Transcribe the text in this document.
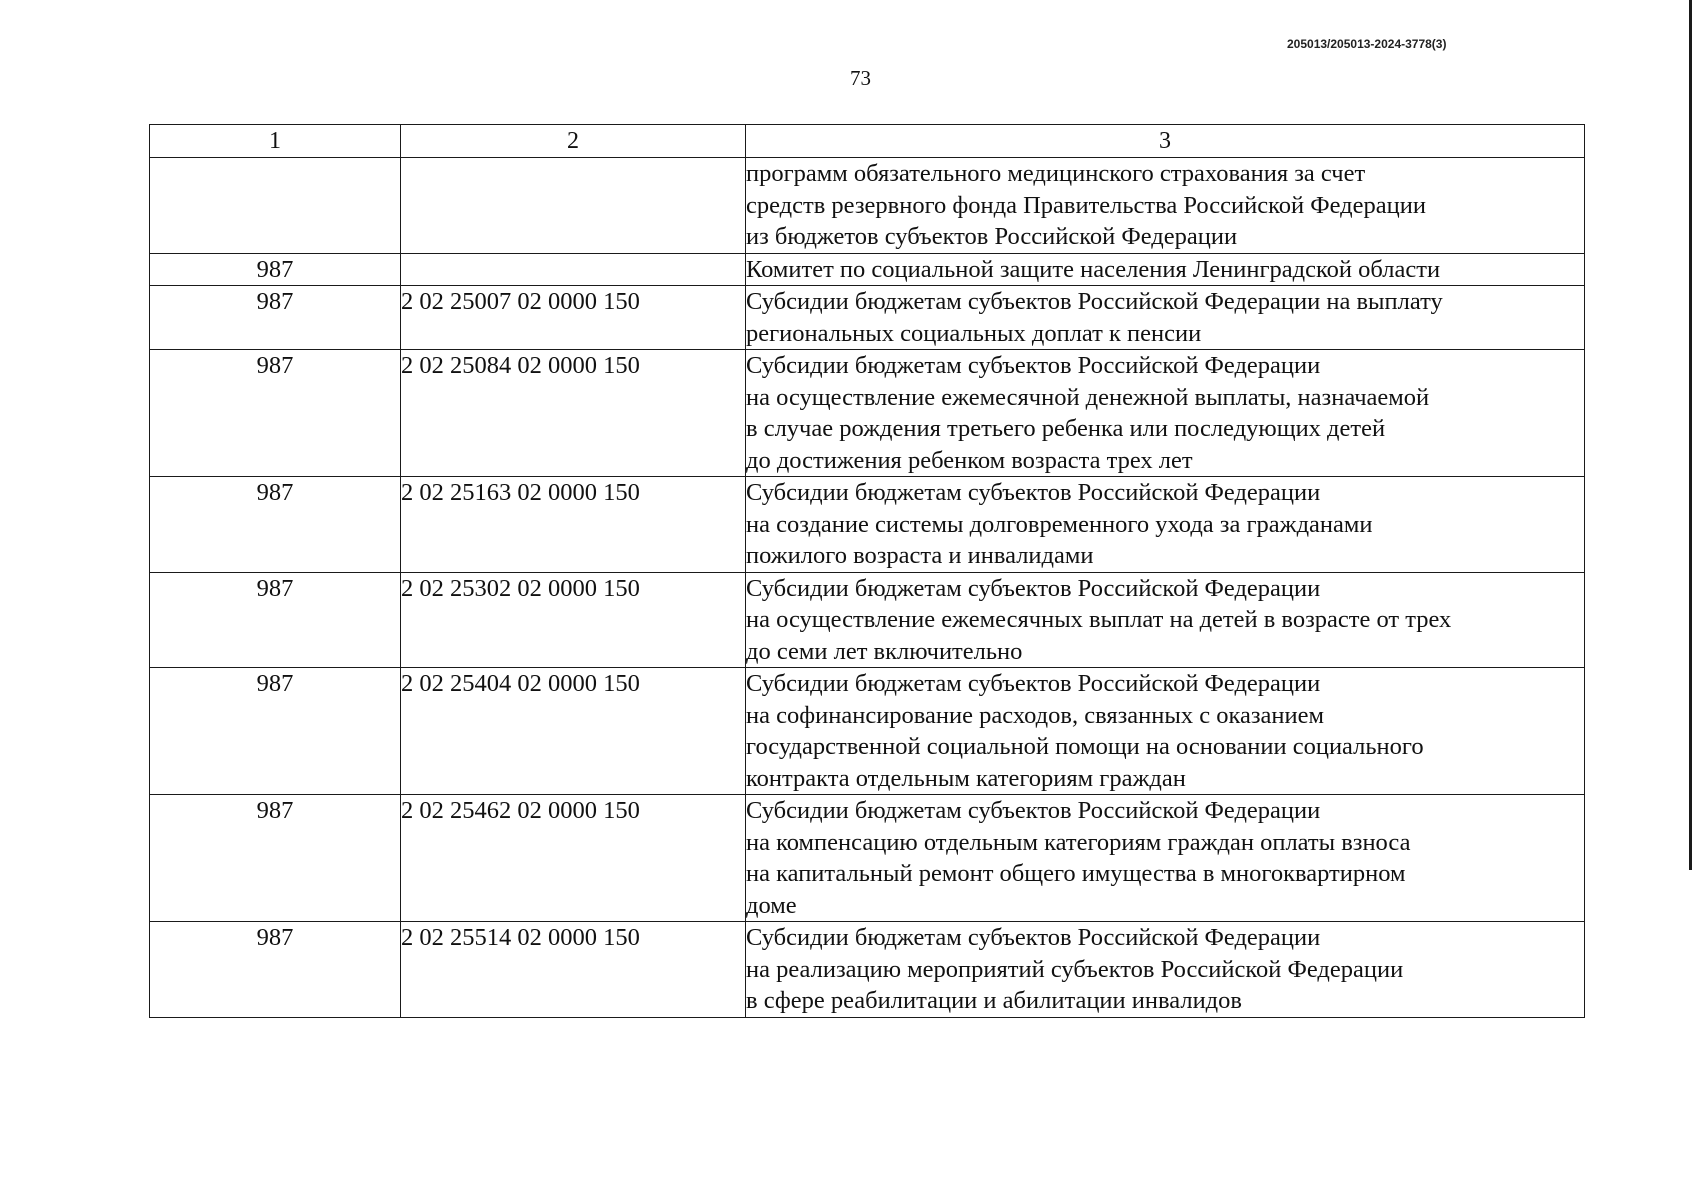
205013/205013-2024-3778(3)
73
1	2	3

		программ обязательного медицинского страхования за счет
средств резервного фонда Правительства Российской Федерации
из бюджетов субъектов Российской Федерации

987		Комитет по социальной защите населения Ленинградской области

987	2 02 25007 02 0000 150	Субсидии бюджетам субъектов Российской Федерации на выплату
региональных социальных доплат к пенсии

987	2 02 25084 02 0000 150	Субсидии бюджетам субъектов Российской Федерации
на осуществление ежемесячной денежной выплаты, назначаемой
в случае рождения третьего ребенка или последующих детей
до достижения ребенком возраста трех лет

987	2 02 25163 02 0000 150	Субсидии бюджетам субъектов Российской Федерации
на создание системы долговременного ухода за гражданами
пожилого возраста и инвалидами

987	2 02 25302 02 0000 150	Субсидии бюджетам субъектов Российской Федерации
на осуществление ежемесячных выплат на детей в возрасте от трех
до семи лет включительно

987	2 02 25404 02 0000 150	Субсидии бюджетам субъектов Российской Федерации
на софинансирование расходов, связанных с оказанием
государственной социальной помощи на основании социального
контракта отдельным категориям граждан

987	2 02 25462 02 0000 150	Субсидии бюджетам субъектов Российской Федерации
на компенсацию отдельным категориям граждан оплаты взноса
на капитальный ремонт общего имущества в многоквартирном
доме

987	2 02 25514 02 0000 150	Субсидии бюджетам субъектов Российской Федерации
на реализацию мероприятий субъектов Российской Федерации
в сфере реабилитации и абилитации инвалидов
